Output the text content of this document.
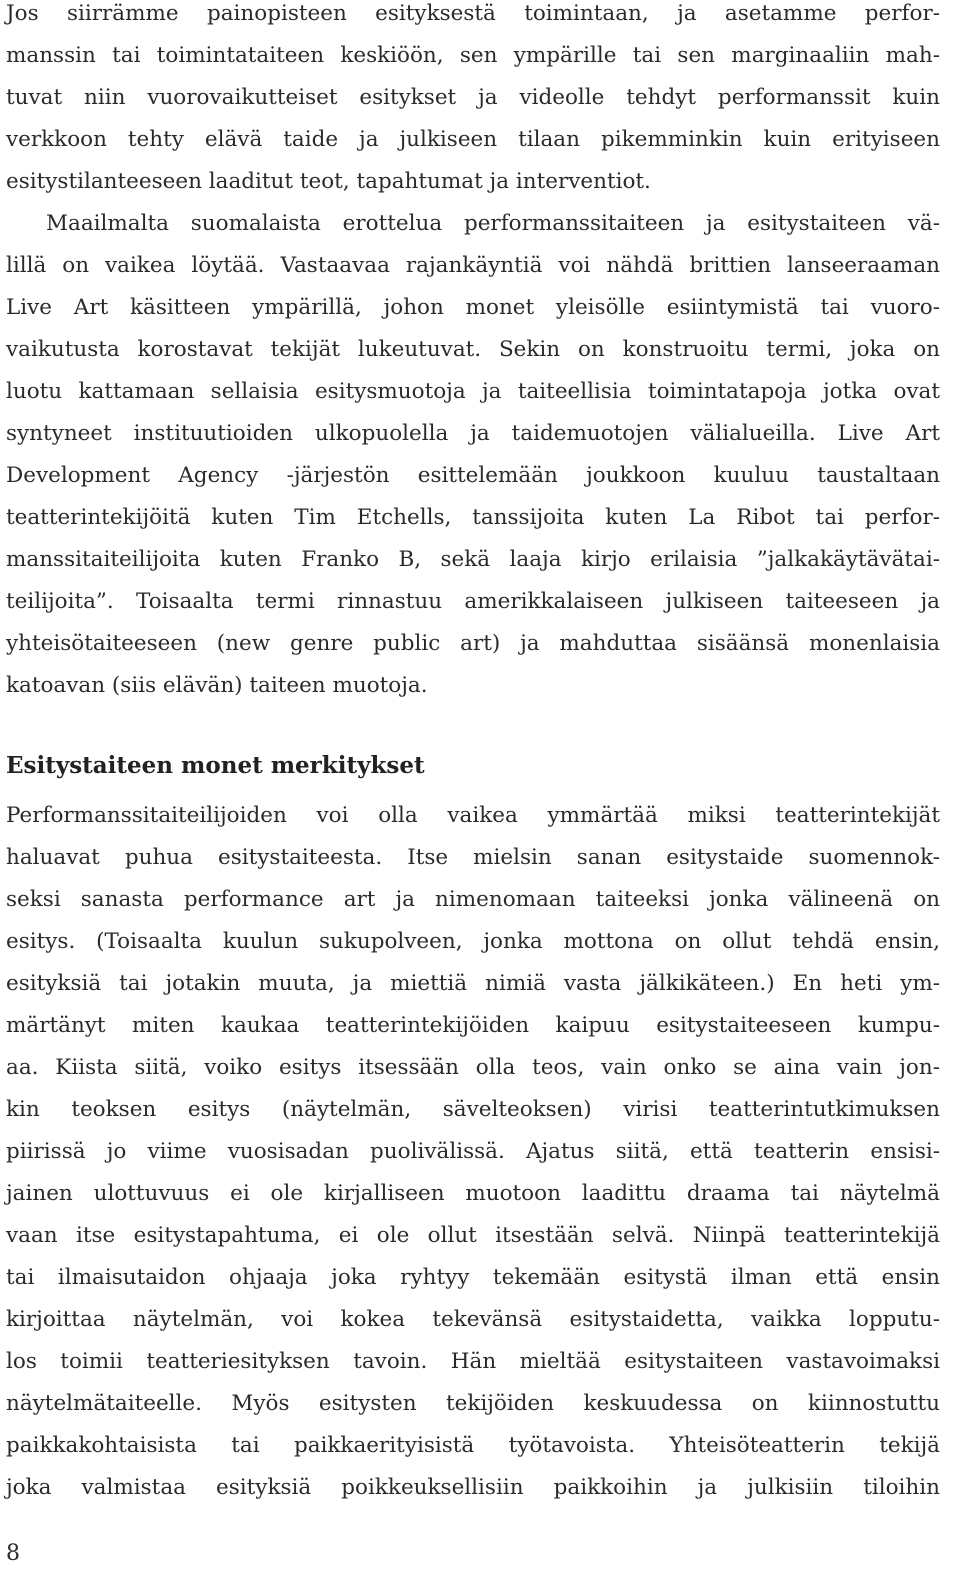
Jos siirrämme painopisteen esityksestä toimintaan, ja asetamme perfor-
manssin tai toimintataiteen keskiöön, sen ympärille tai sen marginaaliin mah-
tuvat niin vuorovaikutteiset esitykset ja videolle tehdyt performanssit kuin
verkkoon tehty elävä taide ja julkiseen tilaan pikemminkin kuin erityiseen
esitystilanteeseen laaditut teot, tapahtumat ja interventiot.
Maailmalta suomalaista erottelua performanssitaiteen ja esitystaiteen vä-
lillä on vaikea löytää. Vastaavaa rajankäyntiä voi nähdä brittien lanseeraaman
Live Art käsitteen ympärillä, johon monet yleisölle esiintymistä tai vuoro-
vaikutusta korostavat tekijät lukeutuvat. Sekin on konstruoitu termi, joka on
luotu kattamaan sellaisia esitysmuotoja ja taiteellisia toimintatapoja jotka ovat
syntyneet instituutioiden ulkopuolella ja taidemuotojen välialueilla. Live Art
Development Agency -järjestön esittelemään joukkoon kuuluu taustaltaan
teatterintekijöitä kuten Tim Etchells, tanssijoita kuten La Ribot tai perfor-
manssitaiteilijoita kuten Franko B, sekä laaja kirjo erilaisia ”jalkakäytävätai-
teilijoita”. Toisaalta termi rinnastuu amerikkalaiseen julkiseen taiteeseen ja
yhteisötaiteeseen (new genre public art) ja mahduttaa sisäänsä monenlaisia
katoavan (siis elävän) taiteen muotoja.
Esitystaiteen monet merkitykset
Performanssitaiteilijoiden voi olla vaikea ymmärtää miksi teatterintekijät
haluavat puhua esitystaiteesta. Itse mielsin sanan esitystaide suomennok-
seksi sanasta performance art ja nimenomaan taiteeksi jonka välineenä on
esitys. (Toisaalta kuulun sukupolveen, jonka mottona on ollut tehdä ensin,
esityksiä tai jotakin muuta, ja miettiä nimiä vasta jälkikäteen.) En heti ym-
märtänyt miten kaukaa teatterintekijöiden kaipuu esitystaiteeseen kumpu-
aa. Kiista siitä, voiko esitys itsessään olla teos, vain onko se aina vain jon-
kin teoksen esitys (näytelmän, sävelteoksen) virisi teatterintutkimuksen
piirissä jo viime vuosisadan puolivälissä. Ajatus siitä, että teatterin ensisi-
jainen ulottuvuus ei ole kirjalliseen muotoon laadittu draama tai näytelmä
vaan itse esitystapahtuma, ei ole ollut itsestään selvä. Niinpä teatterintekijä
tai ilmaisutaidon ohjaaja joka ryhtyy tekemään esitystä ilman että ensin
kirjoittaa näytelmän, voi kokea tekevänsä esitystaidetta, vaikka lopputu-
los toimii teatteriesityksen tavoin. Hän mieltää esitystaiteen vastavoimaksi
näytelmätaiteelle. Myös esitysten tekijöiden keskuudessa on kiinnostuttu
paikkakohtaisista tai paikkaerityisistä työtavoista. Yhteisöteatterin tekijä
joka valmistaa esityksiä poikkeuksellisiin paikkoihin ja julkisiin tiloihin
8
